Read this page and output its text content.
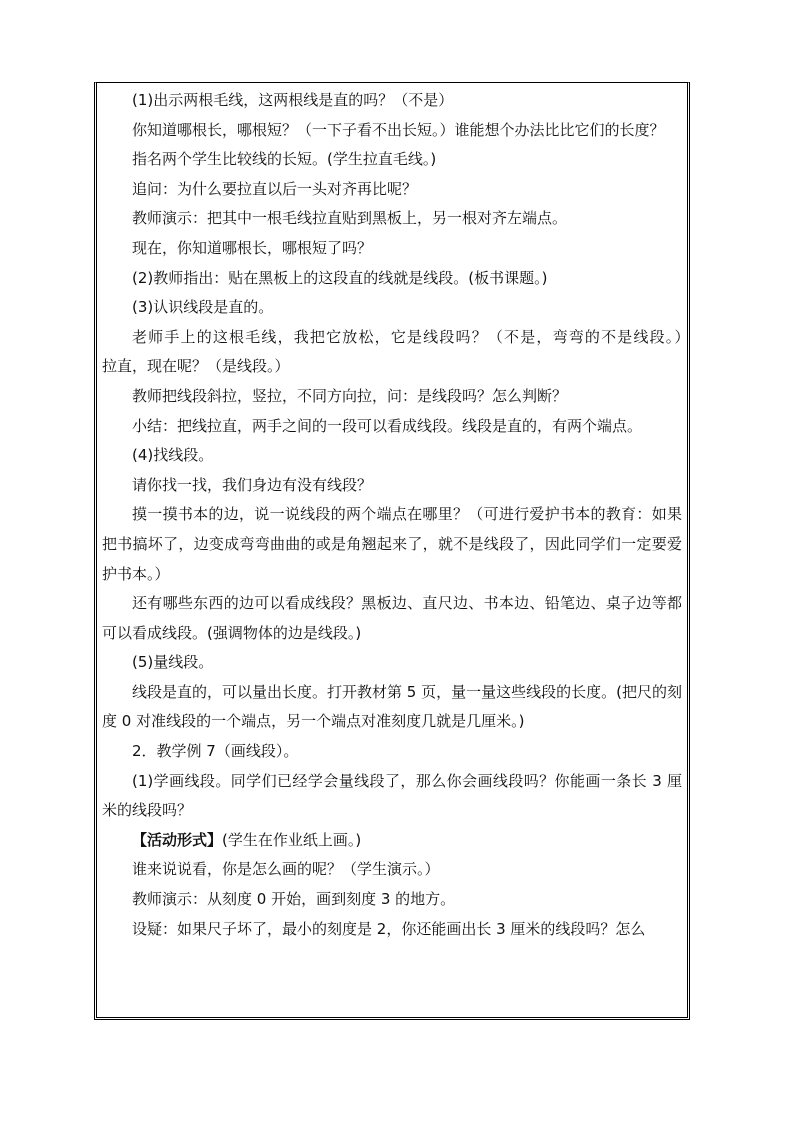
(1)出示两根毛线，这两根线是直的吗？（不是）

你知道哪根长，哪根短？（一下子看不出长短。）谁能想个办法比比它们的长度？

指名两个学生比较线的长短。(学生拉直毛线。)

追问：为什么要拉直以后一头对齐再比呢？

教师演示：把其中一根毛线拉直贴到黑板上，另一根对齐左端点。

现在，你知道哪根长，哪根短了吗？

(2)教师指出：贴在黑板上的这段直的线就是线段。(板书课题。)

(3)认识线段是直的。

老师手上的这根毛线，我把它放松，它是线段吗？（不是，弯弯的不是线段。）　　拉直，现在呢？（是线段。）

教师把线段斜拉，竖拉，不同方向拉，问：是线段吗？怎么判断？

小结：把线拉直，两手之间的一段可以看成线段。线段是直的，有两个端点。

(4)找线段。

请你找一找，我们身边有没有线段？

摸一摸书本的边，说一说线段的两个端点在哪里？（可进行爱护书本的教育：如果把书搞坏了，边变成弯弯曲曲的或是角翘起来了，就不是线段了，因此同学们一定要爱护书本。）

还有哪些东西的边可以看成线段？黑板边、直尺边、书本边、铅笔边、桌子边等都可以看成线段。(强调物体的边是线段。)

(5)量线段。

线段是直的，可以量出长度。打开教材第 5 页，量一量这些线段的长度。(把尺的刻度 0 对准线段的一个端点，另一个端点对准刻度几就是几厘米。)

2．教学例 7（画线段）。

(1)学画线段。同学们已经学会量线段了，那么你会画线段吗？你能画一条长 3 厘米的线段吗？

【活动形式】(学生在作业纸上画。)

谁来说说看，你是怎么画的呢？（学生演示。）

教师演示：从刻度 0 开始，画到刻度 3 的地方。

设疑：如果尺子坏了，最小的刻度是 2，你还能画出长 3 厘米的线段吗？怎么
